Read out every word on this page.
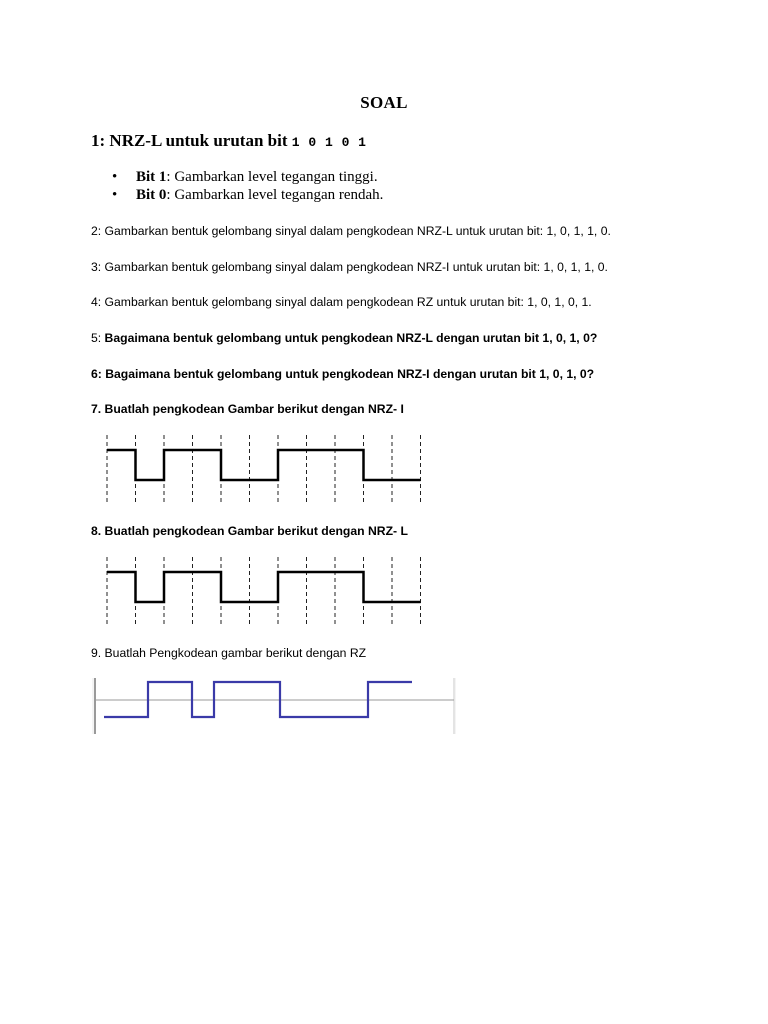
SOAL
1: NRZ-L untuk urutan bit 1 0 1 0 1
• Bit 1: Gambarkan level tegangan tinggi.
• Bit 0: Gambarkan level tegangan rendah.
2: Gambarkan bentuk gelombang sinyal dalam pengkodean NRZ-L untuk urutan bit: 1, 0, 1, 1, 0.
3: Gambarkan bentuk gelombang sinyal dalam pengkodean NRZ-I untuk urutan bit: 1, 0, 1, 1, 0.
4: Gambarkan bentuk gelombang sinyal dalam pengkodean RZ untuk urutan bit: 1, 0, 1, 0, 1.
5: Bagaimana bentuk gelombang untuk pengkodean NRZ-L dengan urutan bit 1, 0, 1, 0?
6: Bagaimana bentuk gelombang untuk pengkodean NRZ-I dengan urutan bit 1, 0, 1, 0?
7. Buatlah pengkodean Gambar berikut dengan NRZ- I
8. Buatlah pengkodean Gambar berikut dengan NRZ- L
9. Buatlah Pengkodean gambar berikut dengan RZ
